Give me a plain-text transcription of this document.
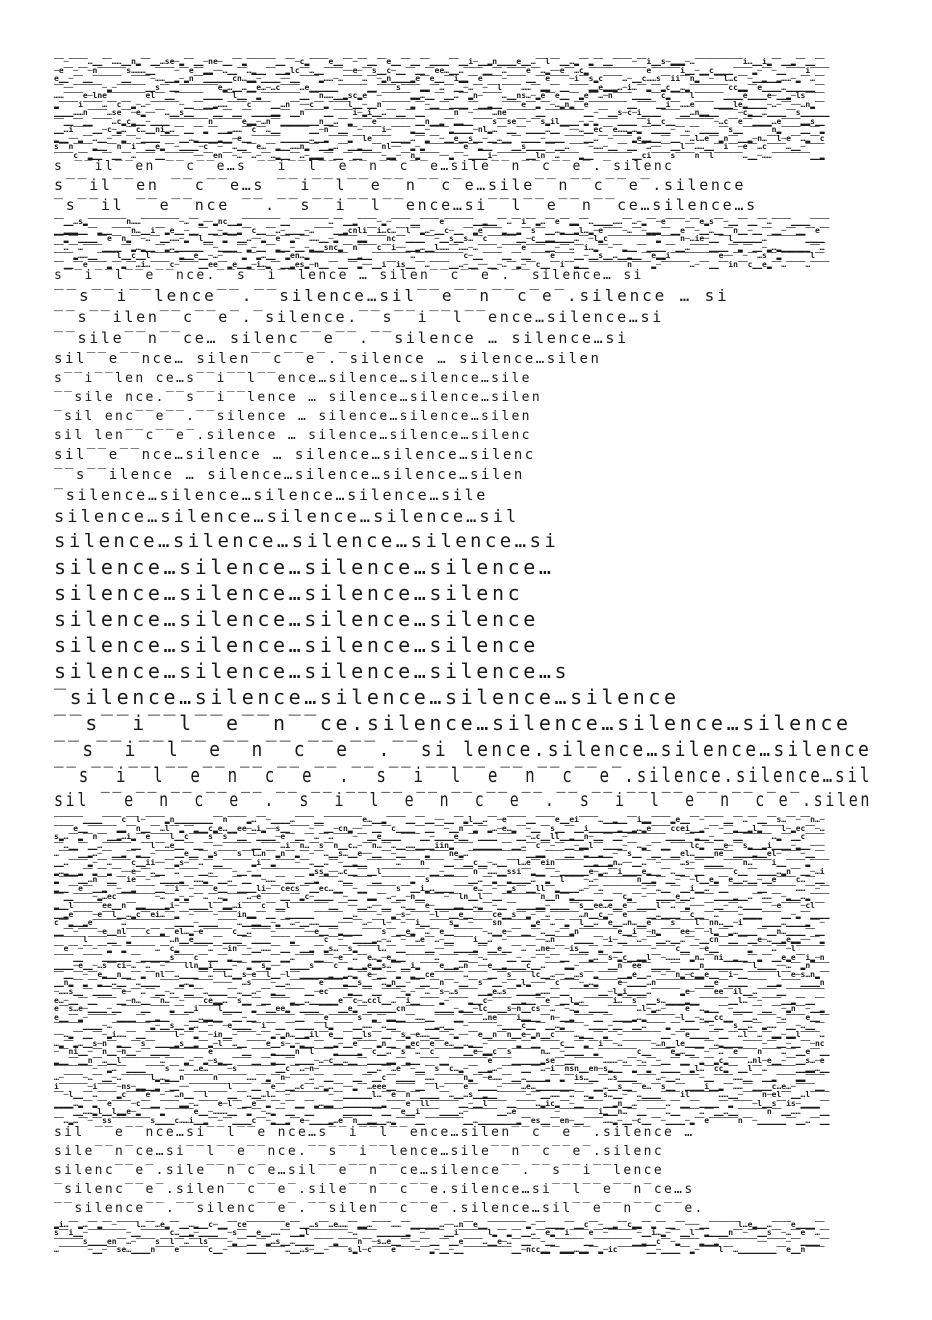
‾‾─‾‾‾‾…▁▁‾‾……▁▁n▂‾‾▁▁…se─▂‾‾▁▁─ne─▁▁‾‾▂‾‾‾‾‾‾▁▁‾‾─c▂‾‾‾‾e▁▁‾‾─‾‾▁▁‾‾e▁▁‾‾▁▁‾‾▁▁▁▁‾‾▁▁i─▁▁▂n▁▁▁▁e▁▁…‾‾l‾‾▁▁…▂‾‾▂‾‾▁▁‾‾‾‾─‾‾i▁▁s─▂▂▂─…‾‾‾‾‾‾‾‾‾‾i…▁▁i▂‾‾▁▁▂‾‾▁▁‾‾
─e‾‾─‾‾─n‾‾‾‾‾‾s………▁▁‾‾‾‾─‾‾e‾‾▂▂──…▁▁‾‾…▂▁▁‾‾▁▁▂lc‾‾…▁▁‾‾‾‾──e─‾‾s▁▁c─▁▁‾‾▁▁‾‾ee…▁▁…‾‾‾‾▁▁‾‾…‾‾‾‾e‾‾…▂──e‾‾…c▂‾‾‾‾‾‾‾‾‾‾‾‾e‾‾‾‾‾‾i▁▁─▁▁c▁▁▁▁‾‾‾‾▂─‾‾─▁▁‾‾‾‾i‾‾‾‾
e▁▁─‾‾▁▁‾‾‾‾‾‾▁▁‾‾‾‾─……▁▁▂─▂n‾‾▁▁▁▁▁▁cn…▂▂─▁▁▁▁──▁▁‾‾‾‾▂……─…‾‾‾‾…‾‾─▂n▁▁▁▁▂e‾‾e▁▁‾‾i▂▂‾‾e‾‾‾‾─‾‾‾‾▁▁‾‾e‾‾‾‾─i‾‾s▂c‾‾‾‾…─▁▁c……s‾‾ii‾‾n▂‾‾─‾‾l…c‾‾─▁▁▂▁▁▂……─▂‾‾…‾‾
‾‾──‾‾‾‾‾‾─▂─‾‾‾‾‾‾▁▁s‾‾▁▁‾‾‾‾‾‾‾‾e▂…▁▁…▁▁e…─…c‾‾‾‾…e▁▁▁▁▁▁‾‾‾‾‾‾▁▁‾‾‾‾s‾‾‾‾▂▂‾‾…‾‾▁▁─…‾‾─‾‾l‾‾‾‾……‾‾▂▂‾‾▁▁‾‾‾‾▂▂e▂▂▂…─i…‾‾▂‾‾▂c▁▁…▂‾‾‾‾‾‾‾‾cc▂▂‾‾e▁▁▁▁…▁▁▁▁▁▁‾‾
……‾‾‾‾e─lne‾‾‾‾‾‾‾‾el‾‾▁▁‾‾‾‾‾‾▁▁▁▁‾‾l▁▁‾‾▂‾‾‾‾‾‾‾‾▁▁‾‾n……▁▁▂sc▂e‾‾─‾‾‾‾‾‾▂▂…▁▁‾‾▁▁…‾‾▂n─‾‾‾‾…▁▁ns…─▂e‾‾e▁▁‾‾▂e‾‾…─n‾‾‾‾▁▁▁▁‾‾c▂‾‾‾‾l‾‾‾‾‾‾▁▁▁▁e▁▁▁▁e─▁▁▂─ls‾‾‾‾
▂‾‾‾‾i‾‾‾‾…‾‾c‾‾▂─…─‾‾‾‾‾‾─▁▁‾‾▁▁▂……‾‾‾‾c‾‾‾‾▁▁…n‾‾──c‾‾▂‾‾‾‾l▁▁─▁▁n‾‾‾‾‾‾▂‾‾─▁▁‾‾▁▁▁▁‾‾▁▁▂▁▁‾‾‾‾e‾‾▂‾‾─…▂n▂‾‾e‾‾‾‾‾‾‾‾▁▁‾‾‾‾▁▁i‾‾……e‾‾‾‾▁▁▁▁le▂▁▁▁▁─…─‾‾──…n▂‾‾
▁▁▁▁……n‾‾‾‾…se‾‾─e▂──‾‾…▁▁s▁▁‾‾‾‾▁▁‾‾▁▁‾‾▁▁▁▁▂▂‾‾▁▁n‾‾‾‾▁▁‾‾‾‾i─▂i▁▁…‾‾▁▁‾‾▁▁‾‾‾‾‾‾n‾‾─‾‾‾‾…ne‾‾‾‾‾‾▁▁‾‾‾‾‾‾‾‾▁▁─‾‾▁▁s─c─i▁▁▁▁‾‾‾‾▁▁…n▂▂▁▁‾‾‾‾─c▂▁▁…▁▁▁▁‾‾s▁▁▁▁▁▁
‾‾▁▁‾‾▁▁‾‾‾‾…c▂c▂▁▁─▁▁▁▁‾‾‾‾‾‾‾‾n‾‾‾‾‾‾e▂▂─…n‾‾▁▁▁▁▁▁▁▁n▁▁…‾‾▂‾‾‾‾e‾‾‾‾‾‾‾‾▁▁n▁▁▂‾‾▂▂▁▁‾‾‾‾s‾‾se‾‾─‾‾s▂il▁▁▁▁─▂─▂‾‾‾‾▁▁▁▁‾‾i▁▁c▁▁‾‾‾‾‾‾‾‾─…c‾‾e‾‾▁▁▁▁…e‾‾‾‾▂▂s▁▁
▁▁…i‾‾‾‾▁▁─c─▂…‾‾c…▁▁ni▂…‾‾▁▁‾‾▂‾‾▁▁▂……‾‾c‾‾…▁▁‾‾‾‾‾‾▁▁─n‾‾▁▁‾‾─‾‾‾‾i─‾‾‾‾▂▁▁─‾‾‾‾▂▁▁▁▁─nl▂…‾‾▁▁‾‾▁▁▁▁…▁▁‾‾──…▁▁ec‾‾e……▂…▂‾‾▁▁▁▁─‾‾…‾‾▁▁▁▁‾‾s▁▁‾‾‾‾‾‾n▂‾‾‾‾▁▁‾‾▂
▂▁▁──▂‾‾…▁▁─‾‾▂‾‾─▁▁▁▁‾‾‾‾▁▁…▂▁▁▁▁▂▁▁─e▁▁‾‾‾‾‾‾▁▁▁▁▁▁…▁▁▂‾‾‾‾▂‾‾le‾‾‾‾▁▁▁▁…‾‾▂‾‾─▁▁e▁▁s▁▁─▁▁…▁▁‾‾▁▁▁▁─▁▁▁▁‾‾‾‾▁▁…‾‾─‾‾‾‾▂e▂▂▁▁‾‾▁▁‾‾…l…e‾‾▂n‾‾▁▁▂─n…‾‾l─e‾‾…▂‾‾c
s‾‾n‾‾‾‾▂▁▁‾‾n‾‾i‾‾▁▁e▂‾‾─▁▁▁▁─c‾‾─‾‾…▁▁‾‾e…‾‾▂▁▁……n▂‾‾▁▁▂…‾‾▁▁▂▁▁‾‾nl──‾‾▂─▂‾‾‾‾‾‾‾‾e‾‾▂▁▁‾‾‾‾▁▁s▁▁▁▁‾‾▁▁…‾‾‾‾─……─▁▁‾‾▁▁‾‾…──‾‾▁▁l‾‾……▁▁‾‾i‾‾─e‾‾…c‾‾‾‾…▁▁─‾‾‾‾
‾‾‾‾c‾‾▂▁▁‾‾▁▁‾‾…‾‾‾‾▁▁‾‾‾‾‾‾──‾‾en‾‾─…‾‾…─‾‾…▂▁▁‾‾…─▂▂▂‾‾▁▁‾‾▁▁‾‾‾‾─▂▂─‾‾n▂‾‾‾‾──▂‾‾─▁▁▁▁i─‾‾‾‾‾‾▁▁ln‾‾…‾‾‾‾▂▁▁‾‾‾‾‾‾‾‾▁▁ci‾‾‾‾s‾‾‾‾n‾‾l‾‾‾‾‾‾…▁▁─……‾‾‾‾‾‾‾‾▁▁▂
s ‾‾il‾‾en ‾‾c‾‾e…s ‾‾i‾‾l‾‾e‾‾n‾‾c‾‾e…sile‾‾n‾‾c‾‾e‾.‾silenc
s‾‾il‾‾en ‾‾c‾‾e…s ‾‾i‾‾l‾‾e‾‾n‾‾c‾e…sile‾‾n‾‾c‾‾e‾.silence
‾s‾‾il ‾‾e‾‾nce ‾‾.‾‾s‾‾i‾‾l‾‾ence…si‾‾l‾‾e‾‾n‾‾ce…silence…s
‾‾▁▁…s▂‾‾‾‾‾‾‾‾n……‾‾‾‾‾‾‾‾─…‾‾▂──▂nc▁▁▂‾‾‾‾‾‾‾‾▁▁‾‾‾‾‾‾‾‾…‾‾▁▁▂‾‾‾‾─▂─‾‾‾‾▁▁‾‾‾‾e‾‾‾‾‾‾▁▁▂▁▁‾‾…‾‾i‾‾▂…‾‾e‾‾▂▂‾‾…▁▁▁▁……‾‾…─▂‾‾─e‾‾‾‾─‾‾e▂s‾‾─▁▁‾‾▁▁‾‾…‾‾‾‾▁▁▁▁‾‾‾‾
▁▁▂▂▂▁▁‾‾▂▁▁‾‾‾‾n…▁▁i‾‾▂e▁▁─▁▁‾‾▁▁─▂▁▁▂‾‾c▁▁‾‾…─▁▁▁▁─…‾‾‾‾▁▁▂cnli‾‾i…c…‾‾l‾‾▂…─▁▁c─▁▁‾‾▂e‾‾‾‾▂▁▁▂‾‾s‾‾▁▁…▂▁▁▂l…▂─e‾‾‾‾─…‾‾─▂▂▂‾‾▁▁e‾‾─▁▁…▁▁‾‾n▁▁─▁▁‾‾▁▁─‾‾▁▁‾‾e‾‾
‾‾▂‾‾▁▁▁▁‾‾e‾‾n▂‾‾─…‾‾▁▁……─▂‾‾l▁▁‾‾▂‾‾▁▁…──▂‾‾e‾‾▂─‾‾……▁▁─▂‾‾‾‾▂▂‾‾‾‾nc‾‾▁▁▁▁‾‾─▁▁s▁▁s…‾‾c‾‾‾‾‾‾▁▁─c▁▁▂▂▁▁▁▁…‾‾─l▂c‾‾‾‾‾‾‾‾‾‾▂‾‾‾‾n─…ie─▁▁‾‾l▁▁▁▁▁▁…‾‾‾‾‾‾‾‾▁▁▁▁
‾‾…‾‾…‾‾‾‾▁▁▁▁‾‾▂…▂▁▁‾‾▂…▁▁▁▁▁▁‾‾─▁▁▁▁‾‾▂─▁▁‾‾▂▁▁─▁▁─▂▁▁snc▂‾‾n‾‾‾‾c‾‾i──▁▁▂…▁▁l……‾‾……─…‾‾‾‾─‾‾‾‾e‾‾‾‾▁▁─‾‾…‾‾i…▂‾‾─‾‾▂▁▁‾‾▁▁▁▁‾‾▁▁…‾‾‾‾▁▁▁▁‾‾▂‾‾▁▁─▂…▂▁▁▁▁▁▁‾‾…
‾‾‾‾▂……▁▁‾‾‾‾l▁▁c▁▁l‾‾‾‾‾‾▂▁▁e▁▁─…─‾‾‾‾▂‾‾▂…▁▁‾‾▂en…▂‾‾‾‾‾‾‾‾▁▁▂▁▁‾‾‾‾‾‾‾‾…‾‾‾‾‾‾‾‾‾‾c─▁▁‾‾‾‾▁▁‾‾▁▁‾‾‾‾e‾‾‾‾▁▁─▁▁s▁▁…▁▁▂▁▁‾‾e▂▂i‾‾‾‾‾‾‾‾‾‾e──‾‾─‾‾…s‾‾▂‾‾‾‾‾‾l‾‾
‾‾▁▁‾‾e‾‾‾‾▂‾‾▂‾‾…i…‾‾‾‾c─‾‾‾‾▁▁ee‾‾▂e▁▁▂─i…▂‾‾▁▁▂es▂─n▁▁‾‾▁▁‾‾▂──▁▁i‾‾is▁▁‾‾…‾‾‾‾▁▁…─▁▁──▁▁─…‾‾▂─‾‾c▁▁‾‾i‾‾▂▁▁‾‾‾‾‾‾‾‾n‾‾‾‾▂─‾‾‾‾‾‾…─‾‾▁▁‾‾in‾‾c▁▁e▂‾‾…‾‾‾‾…‾‾‾‾
s‾‾i‾‾l‾‾e‾‾nce.‾‾s‾‾i‾‾lence … silen‾‾c‾‾e‾.‾‾silence… si
‾‾s‾‾i‾‾lence‾‾.‾‾silence…sil‾‾e‾‾n‾‾c‾e‾.silence … si
‾‾s‾‾ilen‾‾c‾‾e‾.‾silence.‾‾s‾‾i‾‾l‾‾ence…silence…si
‾‾sile‾‾n‾‾ce… silenc‾‾e‾‾.‾‾silence … silence…si
sil‾‾e‾‾nce… silen‾‾c‾‾e‾.‾silence … silence…silen
s‾‾i‾‾len ce…s‾‾i‾‾l‾‾ence…silence…silence…sile
‾‾sile nce.‾‾s‾‾i‾‾lence … silence…silence…silen
‾sil enc‾‾e‾‾.‾‾silence … silence…silence…silen
sil len‾‾c‾‾e‾.silence … silence…silence…silenc
sil‾‾e‾‾nce…silence … silence…silence…silenc
‾‾s‾‾ilence … silence…silence…silence…silen
‾silence…silence…silence…silence…sile
silence…silence…silence…silence…sil
silence…silence…silence…silence…si
silence…silence…silence…silence…
silence…silence…silence…silenc
silence…silence…silence…silence
silence…silence…silence…silence
silence…silence…silence…silence…s
‾silence…silence…silence…silence…silence
‾‾s‾‾i‾‾l‾‾e‾‾n‾‾ce.silence…silence…silence…silence
‾‾s‾‾i‾‾l‾‾e‾‾n‾‾c‾‾e‾‾.‾‾si lence.silence…silence…silence
‾‾s‾‾i‾‾l‾‾e‾‾n‾‾c‾‾e‾‾.‾‾s‾‾i‾‾l‾‾e‾‾n‾‾c‾‾e‾.silence.silence…sil
sil ‾‾e‾‾n‾‾c‾‾e‾‾.‾‾s‾‾i‾‾l‾‾e‾‾n‾‾c‾‾e‾‾.‾‾s‾‾i‾‾l‾‾e‾‾n‾‾c‾e‾.silen
‾‾‾‾‾‾▁▁▁▁‾‾‾‾c‾‾l─‾‾‾‾▂n▁▁▁▁▁▁▁▁‾‾n‾‾‾‾▂…‾‾─▁▁▁▁…‾‾‾‾▁▁‾‾‾‾‾‾‾‾e…▁▁▂‾‾‾‾▁▁‾‾▁▁──▁▁‾‾▂l▁▁…‾‾─e‾‾‾‾▁▁‾‾‾‾e▁▁ei‾‾‾‾…▁▁▂▁▁‾‾i▂▂‾‾‾‾▂e▁▁‾‾─‾‾‾‾▁▁‾‾…‾‾▁▁‾‾s…‾‾─‾‾n…─
‾‾‾‾e▁▁‾‾‾‾‾‾▂▂‾‾n▁▁‾‾…l‾‾▂‾‾▂▁▁c▂e…▁▁ee─…i▂──s▁▁‾‾‾‾─‾‾▁▁─cn▂──‾‾▁▁‾‾c▁▁▁▁‾‾▁▁‾‾─▁▁n‾‾▂‾‾▂…─e…▂‾‾─▁▁‾‾s▁▁‾‾▁▁i▁▁▁▁▁▁▂▁▁▂…▂e‾‾‾‾ccei▁▁▂─‾‾─‾‾▂▁▁▂l▂‾‾‾‾l─▂ec‾‾─…
s▂…‾‾▂‾‾n‾‾▁▁▂…i▂‾‾e‾‾‾‾l▁▁c‾‾‾‾s‾‾s‾‾▁▁‾‾▁▁▁▁─e‾‾▁▁‾‾…‾‾…‾‾‾‾─‾‾▁▁e▁▁▁▁‾‾‾‾▁▁─▁▁▁▁e▁▁‾‾▁▁▁▁‾‾‾‾▁▁─…c▁▁ll▁▁▂▁▁n─▁▁‾‾▁▁─‾‾‾‾‾‾‾‾▁▁▁▁‾‾▂▁▁─▁▁‾‾▁▁‾‾‾‾‾‾…▂‾‾▁▁c‾‾‾‾
‾‾…▁▁‾‾▁▁…‾‾‾‾‾‾▁▁‾‾l‾‾…e▁▁‾‾▁▁‾‾──‾‾‾‾‾‾▁▁‾‾‾‾…i‾‾n…‾‾s‾‾n▁▁c…─‾‾n…‾‾…▁▁……▁▁▁▁iin▂‾‾‾‾▁▁▁▁▁▁‾‾▁▁…‾‾c‾‾─‾‾▁▁─▂▂l‾‾▁▁▁▁─‾‾…▂─‾‾▁▁‾‾‾‾lc▂‾‾▁▁e─‾‾s▂▁▁▂i▁▁▁▁─▂▁▁───
…‾‾‾‾▁▁▂…─‾‾▁▁▂‾‾▂▁▁─‾‾‾‾▁▁e▁▁‾‾▂s‾‾‾‾s‾‾l…n‾‾▂n‾‾▂‾‾─‾‾…▁▁s…▁▁e──▁▁‾‾─▁▁‾‾‾‾▂‾‾‾‾ne▂…‾‾‾‾‾‾‾‾‾‾‾‾▁▁▂▂‾‾‾‾▁▁‾‾▂▁▁▂▁▁─‾‾s▁▁‾‾▁▁‾‾▁▁el…▁▁▁▁ne‾‾▁▁▁▁▂▁▁el─‾‾‾‾─▁▁‾‾
▁▁…‾‾‾‾▂─‾‾…‾‾‾‾c▁▁ii──‾‾▂s─‾‾…‾‾▁▁‾‾‾‾‾‾▂i‾‾▂‾‾‾‾─‾‾…▁▁…‾‾─▁▁▂▁▁‾‾‾‾‾‾…‾‾‾‾n‾‾‾‾▁▁‾‾▁▁c▁▁─…▁▁‾‾l…e‾‾ein‾‾‾‾‾‾▁▁▂▁▁▂n…──▁▁…‾‾─‾‾‾‾…s─‾‾▁▁▁▁‾‾‾‾n…‾‾‾‾i▁▁‾‾‾‾▂‾‾‾‾
▂…▂▁▁▂‾‾▂‾‾▂‾‾──e─‾‾…▁▁‾‾…‾‾‾‾▁▁…‾‾‾‾─▁▁─▁▁‾‾‾‾‾‾‾‾‾‾▂ss▂──…c▁▁‾‾▁▁l‾‾‾‾‾‾‾‾‾‾▁▁─▁▁‾‾‾‾n‾‾……▁▁ssi‾‾▂▁▁‾‾─▁▁▁▁▁▁e─▂…‾‾i▁▁▁▁e▂▁▁‾‾…▁▁‾‾▁▁‾‾‾‾‾‾c▁▁‾‾▁▁▁▁…▂n‾‾▁▁─…i
▂‾‾‾‾▁▁…n‾‾▁▁‾‾ie‾‾─‾‾▁▁▁▁▂‾‾……▂‾‾▁▁…‾‾▁▁‾‾─……‾‾▁▁‾‾▁▁▂‾‾‾‾…▁▁‾‾‾‾▁▁‾‾‾‾‾‾▂‾‾s‾‾‾‾‾‾‾‾▁▁…‾‾▂‾‾▂▁▁▁▁…‾‾▂‾‾l‾‾‾‾─…─‾‾‾‾‾‾‾‾n▁▁▂‾‾▁▁─‾‾─l▁▁e▂‾‾e▁▁…▁▁─▁▁e‾‾‾‾c…‾‾▁▁
▂▁▁‾‾e‾‾▁▁▂‾‾─▁▁▂‾‾‾‾▁▁‾‾i‾‾─‾‾‾‾e▁▁‾‾▁▁▁▁li─‾‾cecs‾‾▁▁ec…▁▁‾‾─▁▁‾‾‾‾‾‾s‾‾▁▁i▂…▁▁▁▁‾‾‾‾e…‾‾─‾‾▂s‾‾▁▁ll‾‾▂▁▁▁▁…─‾‾…‾‾‾‾‾‾‾‾─‾‾…▁▁‾‾▁▁i▁▁…‾‾▁▁‾‾‾‾‾‾▁▁‾‾‾‾‾‾……‾‾─‾‾
‾‾▁▁‾‾‾‾─▂…ec‾‾‾‾‾‾‾‾─…‾‾▂─▂─‾‾…‾‾…▂‾‾‾‾…─e‾‾‾‾▁▁‾‾▂c─▁▁▁▁‾‾─▁▁‾‾▂▂‾‾…─▁▁─n▁▁‾‾‾‾─‾‾ln▁▁l‾‾▁▁‾‾‾‾‾‾‾‾n▁▁n‾‾▂▁▁▁▁‾‾▁▁‾‾c▂‾‾─‾‾▁▁▁▁e▁▁…‾‾‾‾▁▁▁▁▂▁▁…‾‾……‾‾─▂▁▁…▂‾‾‾‾
▂▁▁l‾‾‾‾‾‾ee▁▁n‾‾▂▂▁▁▁▁▂i─‾‾▁▁▁▁l‾‾▂▂…i‾‾‾‾c‾‾▁▁l‾‾‾‾‾‾‾‾▁▁‾‾──▁▁…──▁▁‾‾…▁▁‾‾e─▁▁▁▁▂▂▁▁…▂‾‾─▁▁‾‾▁▁▁▁▂▂─▁▁▁▁‾‾s▁▁ee…e▁▁e‾‾▁▁▁▁l‾‾…‾‾▂───‾‾▁▁─‾‾…▁▁▁▁‾‾─e‾‾‾‾─cl‾‾
▁▁▂e‾‾‾‾─e‾‾l▁▁…▂c‾‾ei…‾‾▂‾‾─‾‾‾‾─‾‾‾‾in▂▂‾‾▁▁‾‾▁▁▁▁▁▁‾‾‾‾‾‾▁▁…‾‾‾‾─‾‾▂─s─‾‾‾‾─l‾‾▁▁e▁▁‾‾‾‾ce▁▁s‾‾▂─‾‾…‾‾‾‾‾‾…n▁▁c▂─‾‾e‾‾‾‾▁▁…▁▁▁▁‾‾c▁▁‾‾…‾‾‾‾─▁▁▁▁‾‾‾‾▁▁─▂‾‾▁▁▁▁
c‾‾▂▁▁▂e‾‾‾‾‾‾…‾‾‾‾‾‾‾‾‾‾▁▁▁▁─▁▁▁▁‾‾‾‾…▁▁▂▂▁▁─▂‾‾…─▁▁……▁▁▁▁───‾‾…─‾‾l─‾‾─‾‾i▁▁‾‾‾‾s▂‾‾─‾‾‾‾sn‾‾‾‾‾‾▂e‾‾…‾‾▂‾‾l▁▁…‾‾e▁▁…n…▁▁e‾‾‾‾s‾‾‾‾l‾‾nn…▁▁─i‾‾‾‾▁▁▁▁…▁▁▁▁▂‾‾─
▁▁‾‾─‾‾‾‾─e▁▁nl‾‾‾‾c‾‾▂‾‾el…▂─e‾‾‾‾‾‾c▁▁…‾‾‾‾─‾‾‾‾‾‾──e▁▁‾‾▂▁▁▁▁‾‾‾‾s‾‾▁▁e▂‾‾…‾‾e▁▁‾‾‾‾‾‾─…▁▁e─‾‾▁▁‾‾…▁▁─‾‾▂n‾‾‾‾‾‾‾‾e▁▁i‾‾─n▂‾‾‾‾ee─‾‾─l▂‾‾▂…▁▁▁▁‾‾▁▁n…▁▁▁▁‾‾▁▁
‾‾‾‾‾‾l‾‾‾‾▁▁‾‾▂‾‾‾‾‾‾‾‾…n▁▁e▁▁▁▁‾‾▁▁▁▁‾‾▁▁▁▁‾‾‾‾▂‾‾‾‾‾‾c‾‾─‾‾▁▁▁▁▂…─…‾‾─‾‾…e‾‾…─▁▁‾‾‾‾i▁▁…‾‾─‾‾‾‾‾‾──…n‾‾‾‾▁▁▁▁‾‾─i─▁▁‾‾…─‾‾▁▁…▁▁…‾‾─▁▁cn‾‾▁▁‾‾▁▁e─…▁▁▂e▂▂──‾‾▂
‾‾e‾‾─‾‾─‾‾▂‾‾▂‾‾‾‾‾‾…‾‾c▂‾‾‾‾‾‾…‾‾─in‾‾─▁▁……‾‾▁▁‾‾▁▁▂‾‾▂s…‾‾s▂‾‾‾‾l…‾‾▁▁‾‾‾‾▁▁──‾‾▁▁▁▁▂‾‾▁▁e▁▁‾‾…‾‾…ne─‾‾─is▁▁‾‾▂‾‾▁▁‾‾‾‾‾‾─‾‾‾‾c▁▁‾‾─e▁▁‾‾‾‾‾‾▂‾‾‾‾…‾‾─l‾‾‾‾‾‾
‾‾‾‾▁▁‾‾‾‾▁▁▁▁▁▁‾‾▁▁▁▁▁▁s‾‾‾‾c‾‾▁▁‾‾▂▁▁‾‾▁▁▁▁‾‾▁▁…‾‾‾‾▁▁‾‾─e‾‾…‾‾e…▂─e▂▁▁‾‾‾‾‾‾…‾‾‾‾▁▁‾‾─…‾‾‾‾▁▁─▁▁─‾‾─‾‾▁▁‾‾‾‾▂…‾‾s─▂c▁▁▂▂l‾‾─………‾‾▂n…‾‾ni▁▁▂▁▁‾‾▂‾‾▁▁e▂e‾‾i▂─n
▁▁▁▁─e▁▁─…s‾‾ci─…‾‾…‾‾─‾‾‾‾lln▂▂i▁▁▁▁─‾‾▂‾‾s▂──‾‾▁▁▁▁s‾‾‾‾c‾‾▂▁▁▂e▂▂s…‾‾▁▁i▂‾‾‾‾e▁▁▂…n‾‾──e▁▁▂▁▁▁▁c▁▁…‾‾‾‾▂▂─‾‾‾‾‾‾▁▁n‾‾ee‾‾▁▁▁▁‾‾▁▁▁▁n▁▁▁▁▁▁▁▁‾‾l▁▁▁▁──…‾‾▂n‾‾‾‾
‾‾▁▁‾‾─‾‾e▂▁▁n▁▁‾‾▂‾‾nl‾‾…▁▁▁▁‾‾…‾‾l…▁▁s─e‾‾l▁▁─l‾‾▁▁▁▁▁▁▂▁▁▂…▂‾‾e─▁▁‾‾▂‾‾▂▁▁ce‾‾‾‾‾‾…‾‾‾‾▁▁‾‾s‾‾‾‾lc▁▁…──▁▁…s‾‾▂‾‾‾‾▁▁▂e▁▁…‾‾─‾‾n▂─c▂▂e▁▁‾‾i─▁▁‾‾‾‾‾‾l‾‾e─s…n▂‾‾
▁▁n▂‾‾▂‾‾▂▁▁…▁▁‾‾…▁▁▁▁‾‾‾‾▂…▂‾‾‾‾────‾‾…s‾‾‾‾─▁▁…‾‾‾‾‾‾e‾‾‾‾▂▁▁s▁▁‾‾…▂n▁▁─‾‾▁▁‾‾n‾‾─▁▁‾‾s‾‾▁▁─‾‾▂l▂───‾‾c‾‾‾‾─▂…▂‾‾‾‾e─▁▁▁▁…n‾‾‾‾‾‾‾‾‾‾▁▁e‾‾▁▁▁▁‾‾‾‾▁▁▂‾‾‾‾▁▁▁▁n
─……s▁▁‾‾▁▁▁▁‾‾e─‾‾…‾‾▁▁─…‾‾▁▁‾‾…▁▁▁▁‾‾…▁▁…─‾‾▂▁▁‾‾‾‾▁▁─ec‾‾‾‾▂▁▁‾‾▁▁‾‾‾‾─▂─‾‾…‾‾s─…s‾‾‾‾▁▁▂e…s‾‾▁▁▁▁▂……‾‾▁▁‾‾‾‾‾‾▁▁─l▂i▁▁▁▁…‾‾‾‾‾‾▂e─‾‾‾‾ee‾‾il▁▁…‾‾‾‾▁▁‾‾‾‾‾‾‾‾
e…─▁▁‾‾▁▁‾‾‾‾▁▁─n…▁▁‾‾n…‾‾─‾‾‾‾ce▂▂…‾‾s▁▁‾‾▁▁‾‾‾‾▂▁▁…▁▁▁▁▁▁e‾‾c─…ccl▁▁…‾‾i▁▁‾‾‾‾▂─‾‾‾‾▂▁▁c─‾‾‾‾▁▁▂▁▁‾‾e‾‾▁▁l▂…‾‾‾‾‾‾i…‾‾s‾‾▁▁s…▁▁▁▁▂▁▁‾‾‾‾‾‾▁▁l…‾‾─‾‾‾‾▁▁▂‾‾▁▁‾‾
e‾‾s…e─▁▁▁▁─▁▁‾‾‾‾▁▁‾‾‾‾▂‾‾▁▁i‾‾‾‾l▁▁▁▁‾‾▂‾‾▁▁ee▂‾‾▁▁▁▁‾‾‾‾▁▁e▂‾‾▁▁▁▁▁▁cn‾‾‾‾‾‾▁▁▁▁─▂▁▁─lc▁▁▁▁s─n▁▁cs‾‾…‾‾─…▂‾‾▁▁▁▁‾‾‾‾‾‾…l─▂…─‾‾‾‾e‾‾…▂▁▁‾‾─▁▁▁▁‾‾▁▁‾‾─▂n‾‾─▁▁▂
e▁▁‾‾▂─‾‾‾‾‾‾▁▁▁▁‾‾▁▁▂▁▁‾‾‾‾▁▁…▂▂▁▁‾‾▁▁─▁▁‾‾‾‾‾‾‾‾▁▁‾‾‾‾e‾‾‾‾‾‾s‾‾▂‾‾▂▂▁▁‾‾……▁▁‾‾‾‾▁▁‾‾‾‾…ne‾‾‾‾i▂▂▁▁‾‾n─▁▁▂‾‾‾‾▁▁‾‾▁▁▁▁▂…▂‾‾‾‾‾‾─l▁▁─…▁▁cc▁▁‾‾▁▁…‾‾‾‾─…‾‾‾‾e▁▁‾‾
‾‾‾‾‾‾▁▁▁▁─…‾‾‾‾‾‾‾‾▂─▁▁s▁▁─▂…‾‾─‾‾─e▁▁▁▁‾‾i‾‾▁▁‾‾▁▁▁▁‾‾l▂‾‾‾‾▁▁……‾‾…▁▁‾‾‾‾‾‾▁▁▂…▁▁‾‾─‾‾‾‾‾‾─▁▁▁▁c▁▁‾‾▁▁…▂‾‾‾‾─▁▁▁▁─▁▁‾‾▁▁…‾‾‾‾▂‾‾▁▁▁▁‾‾─▁▁‾‾s▁▁…‾‾▂……‾‾▁▁─…▁▁‾‾
──…▂‾‾▁▁‾‾─▂i……‾‾▁▁‾‾‾‾‾‾l─‾‾▂‾‾─in▁▁─‾‾‾‾─‾‾▂─▂n…▁▁▂il‾‾e▁▁‾‾▁▁ls‾‾▁▁‾‾s▂─e……▁▁‾‾─▂──‾‾e▁▁n‾‾n▁▁e─▂n▁▁c‾‾‾‾…▂▁▁‾‾▂‾‾─‾‾‾‾‾‾‾‾▁▁─‾‾e▁▁▁▁‾‾▁▁‾‾…l‾‾…‾‾▂▂─▂▂l‾‾‾‾…
…▂‾‾▂…▁▁s─n‾‾▂▁▁‾‾s‾‾▁▁▁▁▂s▁▁▂‾‾▂─l‾‾…▁▁‾‾‾‾e▁▁s─▂─▂▁▁‾‾▁▁▂─▁▁e‾‾‾‾▂n▁▁‾‾▂ec‾‾e‾‾e…▁▁…▂▁▁─‾‾‾‾‾‾▂‾‾▁▁‾‾‾‾c▁▁‾‾▂‾‾i‾‾─…‾‾‾‾‾‾─…n▁▁le▁▁▁▁‾‾…▂▁▁▁▁‾‾‾‾─‾‾▁▁─▁▁‾‾─nc
─‾‾ni▁▁─‾‾n▁▁─n▁▁─‾‾▁▁▁▁‾‾‾‾‾‾‾‾e‾‾‾‾‾‾▁▁‾‾‾‾▂▁▁▁▁n‾‾l‾‾‾‾▂▁▁▁▁▂‾‾c▁▁…‾‾s‾‾…‾‾c‾‾‾‾‾‾▁▁e─▂▂c‾‾s‾‾‾‾‾‾n…‾‾─▁▁▁▁‾‾▂‾‾‾‾‾‾‾‾c▁▁‾‾‾‾e▂…▁▁‾‾─‾‾…‾‾e‾‾‾‾n‾‾‾‾…‾‾▁▁e‾‾▁▁
▂▁▁‾‾▁▁n‾‾…▁▁l‾‾‾‾‾‾‾‾…‾‾‾‾▂─‾‾▂─s▂▁▁‾‾‾‾▁▁‾‾▂▁▁‾‾▁▁▁▁─…─c▁▁…▁▁‾‾▁▁▁▁▂▂‾‾▂▁▁‾‾‾‾▁▁‾‾‾‾‾‾‾‾e‾‾‾‾▁▁▁▁▁▁▂se‾‾▁▁‾‾‾‾‾‾………─…‾‾─…‾‾─▁▁‾‾▁▁‾‾▂‾‾▂c▂‾‾‾‾…nl─e▁▁─‾‾▁▁s…─e
‾‾‾‾‾‾‾‾─‾‾▂…‾‾▁▁▁▁‾‾‾‾s‾‾…‾‾…e…‾‾‾‾─s‾‾‾‾‾‾‾‾▁▁c‾‾…─n─‾‾‾‾‾‾‾‾‾‾▁▁…‾‾…e‾‾─▁▁‾‾s‾‾c…▂─‾‾▁▁▂…─‾‾‾‾▁▁‾‾…─i‾‾nsn▁▁en─s▂▁▁‾‾▂‾‾▂‾‾▁▁▁▁‾‾▂l…‾‾cc▂‾‾▁▁l‾‾…‾‾‾‾‾‾▁▁▂▂…▁▁
…─‾‾‾‾─…‾‾▁▁─…‾‾‾‾‾‾l▂…▂▁▁n‾‾‾‾‾‾n‾‾‾‾‾‾……‾‾▂‾‾n─‾‾‾‾…‾‾▁▁‾‾‾‾▁▁‾‾▁▁c‾‾▁▁▁▁‾‾……‾‾‾‾‾‾n▂‾‾─e……‾‾▁▁…▁▁▁▁▂‾‾▂‾‾is…▁▁‾‾…s▁▁▁▁‾‾‾‾…─▁▁…‾‾‾‾─▁▁‾‾‾‾……▁▁‾‾▁▁▂‾‾‾‾▂▂‾‾‾‾
i‾‾‾‾‾‾─i‾‾‾‾─ns─▂▂▁▁▂‾‾▁▁──‾‾‾‾‾‾‾‾l‾‾‾‾▁▁‾‾e‾‾▁▁…c‾‾…─▂…‾‾──▂‾‾…eee▁▁‾‾‾‾▁▁‾‾l─‾‾‾‾e‾‾▁▁▁▁─‾‾‾‾…e…▁▁▁▁▁▁▁▁‾‾‾‾▁▁…▁▁s▁▁‾‾e…‾‾s▁▁‾‾▁▁▁▁i▁▁▂‾‾……‾‾▁▁▁▁c…e…─‾‾‾‾▁▁
‾‾─l▁▁‾‾…‾‾‾‾▂c‾‾‾‾e‾‾─‾‾…n▁▁‾‾l‾‾‾‾▁▁‾‾…▁▁…l…‾‾─‾‾‾‾‾‾‾‾─‾‾▁▁▁▁▁▁l…‾‾e‾‾n‾‾▁▁▁▁‾‾…▁▁…s▁▁▂▁▁‾‾‾‾‾‾─‾‾▁▁……‾‾…‾‾…▂‾‾s…▁▁─‾‾…▁▁▁▁‾‾‾‾il‾‾‾‾‾‾……▁▁─‾‾‾‾n─el‾‾▁▁…l‾‾‾‾
▁▁▁▁…▂‾‾▂‾‾e‾‾‾‾─c‾‾▁▁‾‾‾‾▂▂─…‾‾‾‾e─l‾‾▁▁e‾‾▂‾‾─‾‾▁▁‾‾▂…▂▂‾‾▁▁▁▁▁▁▁▁▂‾‾‾‾e‾‾ll‾‾‾‾‾‾▁▁─▁▁l‾‾‾‾▁▁‾‾‾‾…▂ic▂‾‾─▁▁‾‾‾‾▁▁▂n▁▁…‾‾‾‾‾‾…‾‾▁▁‾‾▁▁▁▁‾‾▂‾‾‾‾─l▁▁s‾‾is─▁▁▁▁‾‾
‾‾‾‾▁▁……▂l▁▁l▂▂e─▂‾‾‾‾▂‾‾‾‾‾‾e▁▁─………▁▁‾‾▂‾‾─…▂‾‾▁▁‾‾▁▁‾‾‾‾‾‾▁▁▁▁▁▁‾‾▁▁‾‾e▁▁i‾‾‾‾▁▁▁▁…─‾‾‾‾‾‾▁▁…e‾‾‾‾‾‾‾‾─‾‾‾‾‾‾‾‾i▂▁▁n…‾‾▁▁‾‾‾‾…▁▁‾‾‾‾…‾‾▁▁…▁▁‾‾‾‾‾‾n‾‾▁▁……‾‾‾‾▁▁
‾‾…▂…‾‾─‾‾ss‾‾‾‾‾‾‾‾s▁▁▁▁c……i▁▁▂‾‾─‾‾▁▁▁▁c‾‾─▂▁▁▂‾‾e─▁▁▁▁▂…e‾‾n▁▁▂▂▁▁…▂‾‾‾‾▁▁‾‾‾‾‾‾‾‾▁▁…▁▁▁▁▁▁▁▁▂‾‾es▁▁‾‾en─▁▁‾‾‾‾……▂─▁▁─c▁▁‾‾─▁▁▁▁─▂‾‾e‾‾‾‾‾‾n‾‾─▁▁▁▁▁▁‾‾▁▁…‾‾▁▁
sil ‾‾e‾‾nce…si‾‾l‾‾e nce…s‾‾i‾‾l‾‾ence…silen‾‾c‾‾e‾‾.silence …
sile‾‾n‾ce…si‾‾l‾‾e‾‾nce.‾‾s‾‾i‾‾lence…sile‾‾n‾‾c‾‾e‾.silenc
silenc‾‾e‾.sile‾‾n‾c‾e…sil‾‾e‾‾n‾‾ce…silence‾‾.‾‾s‾‾i‾‾lence
‾silenc‾‾e‾.silen‾‾c‾‾e‾.sile‾‾n‾‾c‾‾e.silence…si‾‾l‾‾e‾‾n‾ce…s
‾‾silence‾‾.‾‾silenc‾‾e‾.‾‾silen‾‾c‾‾e‾.silence…sil‾‾e‾‾n‾‾c‾‾e.
▂i…‾‾▂…‾‾▂‾‾─‾‾‾‾l…‾‾…e▂‾‾▁▁…▂▁▁c─▁▁‾‾ce‾‾‾‾‾‾‾‾e‾‾▁▁…s‾‾…e……‾‾▂▂…‾‾‾‾……‾‾▁▁▁▁▁▁…──…n‾‾e▁▁‾‾‾‾‾‾‾‾▂─‾‾▁▁▁▁‾‾▁▁c‾‾─▁▁▂‾‾c▂▂‾‾▂‾‾▁▁‾‾───▁▁‾‾‾‾‾‾l…e▂▁▁…‾‾‾‾e▁▁▁▁‾‾
s‾‾i▁▁─‾‾‾‾‾‾‾‾─▁▁‾‾‾‾‾‾c…▁▁▂─▁▁▁▁‾‾─s‾‾▁▁e▁▁……‾‾▁▁▂l‾‾‾‾‾‾‾‾─…‾‾‾‾▁▁▁▁▁▁▂‾‾─‾‾‾‾▁▁i‾‾‾‾‾‾l▂‾‾▂‾‾▁▁…‾‾e▂‾‾i‾‾‾‾e‾‾─‾‾‾‾‾‾─▁▁i…▂─‾‾▁▁l‾‾▂▁▁▁▁n‾‾─‾‾▁▁s‾‾─…‾‾e‾‾…‾‾
‾‾‾‾‾‾s▁▁▁▁en‾‾…─‾‾‾‾s‾‾l‾‾…‾‾ls‾‾‾‾─▂‾‾▁▁‾‾▂…s▁▁…▁▁▁▁‾‾‾‾▂‾‾‾‾n‾‾─s…e▁▁‾‾──‾‾▁▁‾‾▁▁e‾‾‾‾…▁▁e─…‾‾▁▁‾‾─▁▁‾‾‾‾‾‾▁▁‾‾‾‾‾‾‾‾▁▁▂▁▁c‾‾─▂‾‾‾‾▂▁▁▂‾‾‾‾‾‾‾‾──‾‾‾‾─‾‾▁▁▁▁‾‾
…‾‾‾‾‾‾─▁▁─‾‾se…▁▁▁▁n‾‾‾‾e‾‾‾‾‾‾c▁▁─‾‾‾‾▁▁▁▁‾‾‾‾…▁▁…s─▁▁─‾‾‾‾s▂l─c‾‾‾‾e‾‾‾‾─‾‾▂─▁▁─▁▁‾‾‾‾‾‾‾‾‾‾▁▁─ncc▂▂‾‾▂▂▂…▂▂‾‾▂─ic‾‾‾‾‾‾▁▁─▁▁▁▁‾‾▂─‾‾‾‾l‾‾…▁▁▁▁▁▁▁▁‾‾e▁▁n‾‾‾‾
